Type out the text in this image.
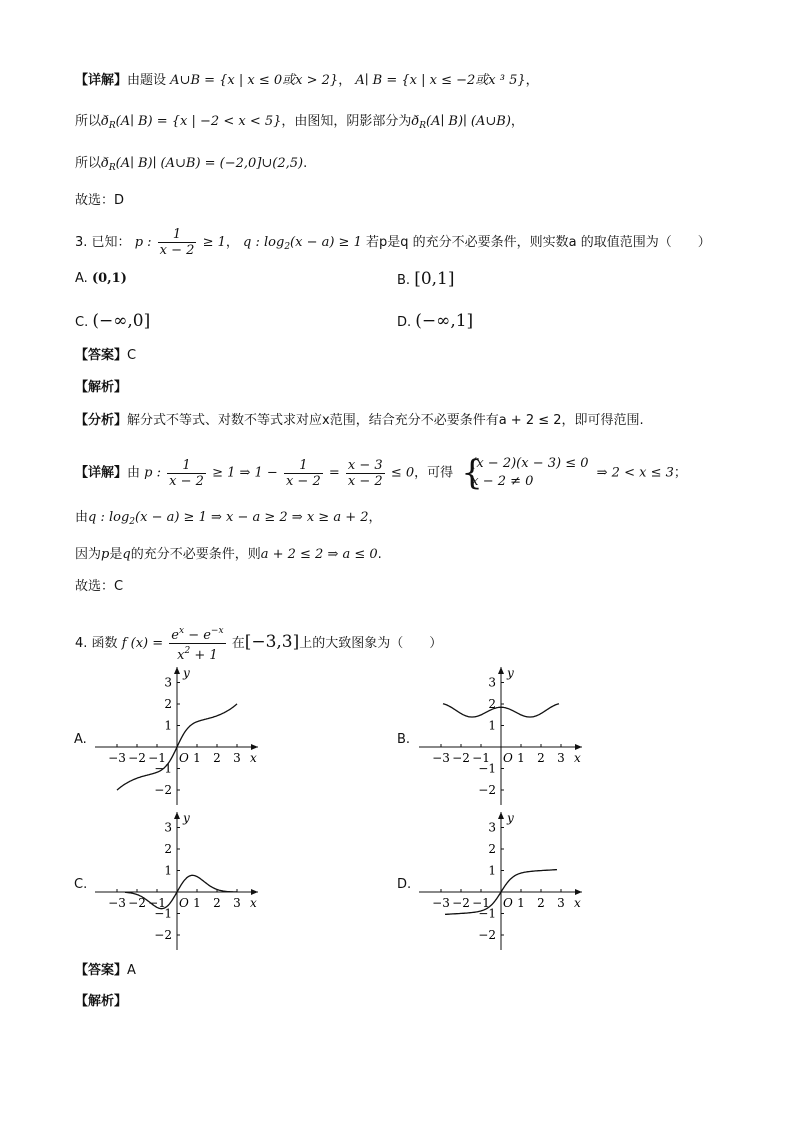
【详解】由题设 A∪B = {x | x ≤ 0或x > 2}， A∣ B = {x | x ≤ −2或x ³ 5}，
所以$ð_R(A∣$ B) = {x | −2 < x < 5}，由图知，阴影部分为$ð_R(A∣$ B)∣ (A∪B)，
所以$ð_R(A∣$ B)∣ (A∪B) = (−2,0]∪(2,5).
故选：D
3. 已知： p : $\frac{1}{x - 2} \ge 1$， q : $\log_2(x - a) \ge 1$ 若p是q 的充分不必要条件，则实数a 的取值范围为（　　）
A. (0,1)	B. [0,1]
C. (−∞,0]	D. (−∞,1]
【答案】C
【解析】
【分析】解分式不等式、对数不等式求对应x范围，结合充分不必要条件有a + 2 ≤ 2，即可得范围.
【详解】由 p : $\frac{1}{x - 2} \ge 1$ ⇒ $1 - \frac{1}{x - 2} = \frac{x - 3}{x - 2} \le 0$，可得 {
(x − 2)(x − 3) ≤ 0
x − 2 ≠ 0
⇒ 2 < x ≤ 3；
由q : $\log_2(x - a) \ge 1$ ⇒ x − a ≥ 2 ⇒ x ≥ a + 2，
因为p是q的充分不必要条件，则a + 2 ≤ 2 ⇒ a ≤ 0.
故选：C
4. 函数 f $(x) = \frac{e^x - e^{-x}}{x^2 + 1}$ 在[−3,3]上的大致图象为（　　）
A.	B.
C.	D.
−3 −2 −1 1 2 3
3
2
1
−1
−2
O	x
y
−3 −2 −1 1 2 3
3
2
1
−1
−2
O	x
y
−3 −2 −1 1 2 3
3
2
1
−1
−2
O	x
y
−3 −2 −1 1 2 3
3
2
1
−1
−2
O	x
y
【答案】A
【解析】
